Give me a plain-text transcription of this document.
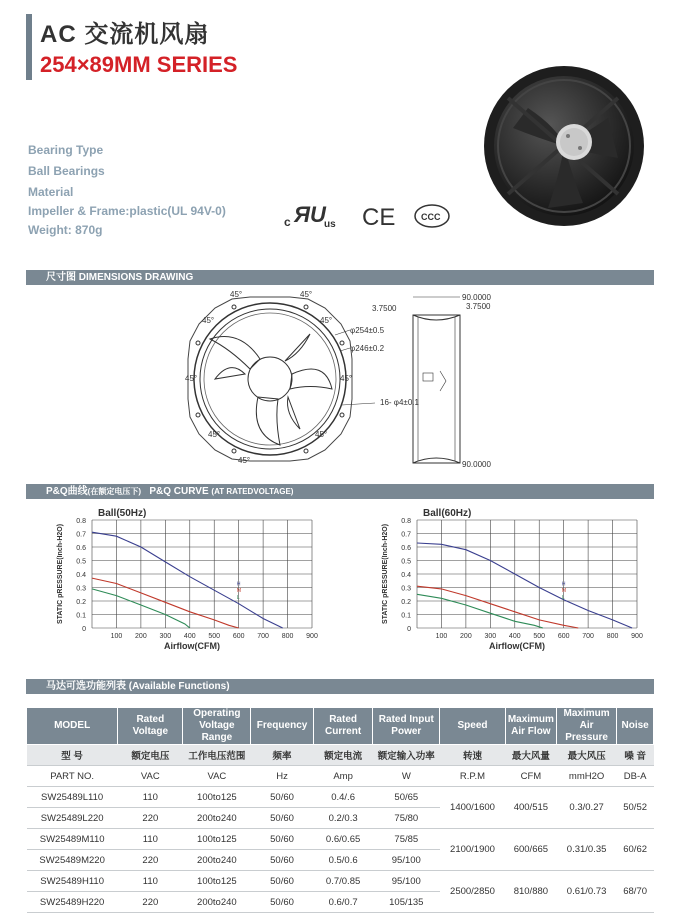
AC 交流机风扇
254×89MM SERIES
Bearing Type
Ball Bearings
Material
Impeller & Frame:plastic(UL 94V-0)
Weight: 870g
c ЯU
us CE	CCC
尺寸图 DIMENSIONS DRAWING
45°	45°
45°	45°
45°	45°
45°	45°
45°
φ254±0.5
φ246±0.2
16- φ4±0.1
90.0000
3.7500	3.7500
90.0000
P&Q曲线(在额定电压下) P&Q CURVE (AT RATEDVOLTAGE)
0
0.1
0.2
0.3
0.4
0.5
0.6
0.7
0.8
100 200 300 400 500 600 700 800 900
Ball(50Hz)
Airflow(CFM)
STATIC pRESSURE(Inch-H2O)	H
M
L
0
0.1
0.2
0.3
0.4
0.5
0.6
0.7
0.8
100 200 300 400 500 600 700 800 900
Ball(60Hz)
Airflow(CFM)
STATIC pRESSURE(Inch-H2O)	H
M
L
马达可选功能列表 (Available Functions)
MODEL	Rated Voltage	Operating Voltage Range	Frequency	Rated Current	Rated Input Power	Speed	Maximum Air Flow	Maximum Air Pressure	Noise
型 号	额定电压	工作电压范围	频率	额定电流	额定输入功率	转速	最大风量	最大风压	噪 音
PART NO.	VAC	VAC	Hz	Amp	W	R.P.M	CFM	mmH2O	DB-A
SW25489L110	110	100to125	50/60	0.4/.6	50/65	1400/1600	400/515	0.3/0.27	50/52
SW25489L220	220	200to240	50/60	0.2/0.3	75/80				
SW25489M110	110	100to125	50/60	0.6/0.65	75/85	2100/1900	600/665	0.31/0.35	60/62
SW25489M220	220	200to240	50/60	0.5/0.6	95/100				
SW25489H110	110	100to125	50/60	0.7/0.85	95/100	2500/2850	810/880	0.61/0.73	68/70
SW25489H220	220	200to240	50/60	0.6/0.7	105/135				
